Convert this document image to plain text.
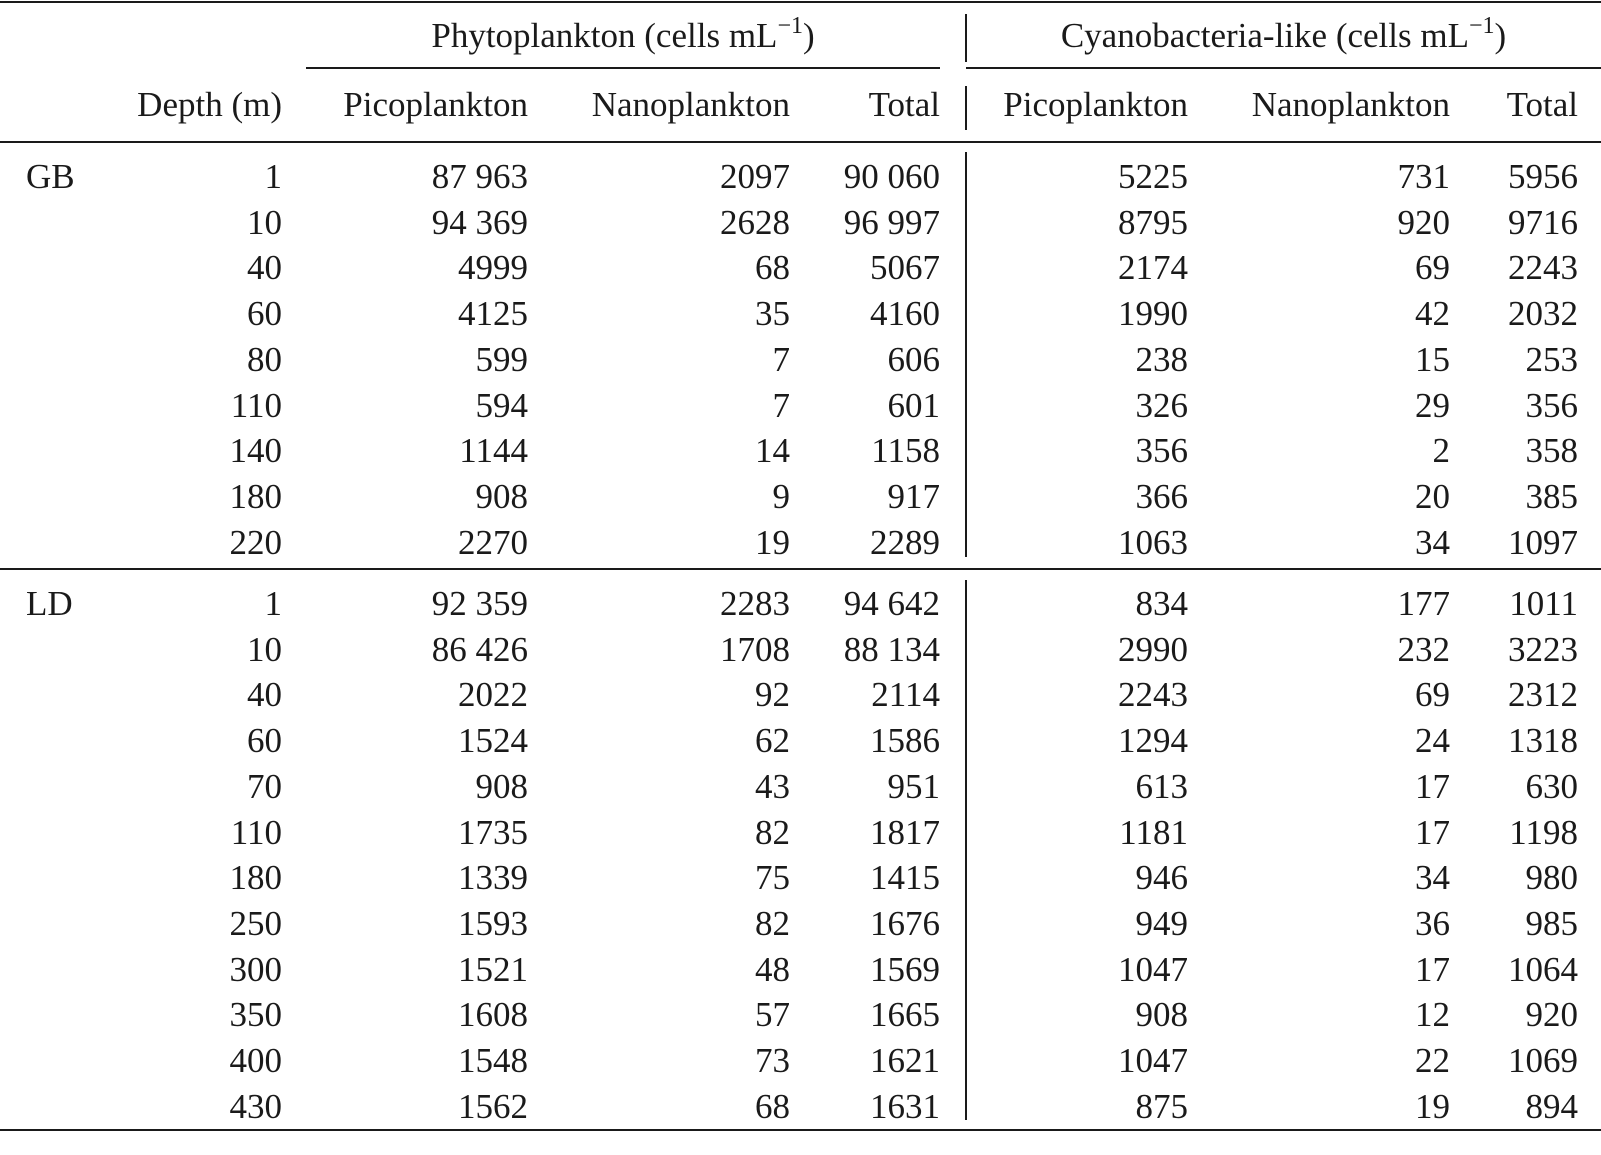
Phytoplankton (cells $mL^{-1}$)	Cyanobacteria-like (cells $mL^{-1}$)
Depth (m)	Picoplankton	Nanoplankton	Total	Picoplankton	Nanoplankton	Total
GB	1	87 963	2097	90 060	5225	731	5956
10	94 369	2628	96 997	8795	920	9716
40	4999	68	5067	2174	69	2243
60	4125	35	4160	1990	42	2032
80	599	7	606	238	15	253
110	594	7	601	326	29	356
140	1144	14	1158	356	2	358
180	908	9	917	366	20	385
220	2270	19	2289	1063	34	1097
LD	1	92 359	2283	94 642	834	177	1011
10	86 426	1708	88 134	2990	232	3223
40	2022	92	2114	2243	69	2312
60	1524	62	1586	1294	24	1318
70	908	43	951	613	17	630
110	1735	82	1817	1181	17	1198
180	1339	75	1415	946	34	980
250	1593	82	1676	949	36	985
300	1521	48	1569	1047	17	1064
350	1608	57	1665	908	12	920
400	1548	73	1621	1047	22	1069
430	1562	68	1631	875	19	894
